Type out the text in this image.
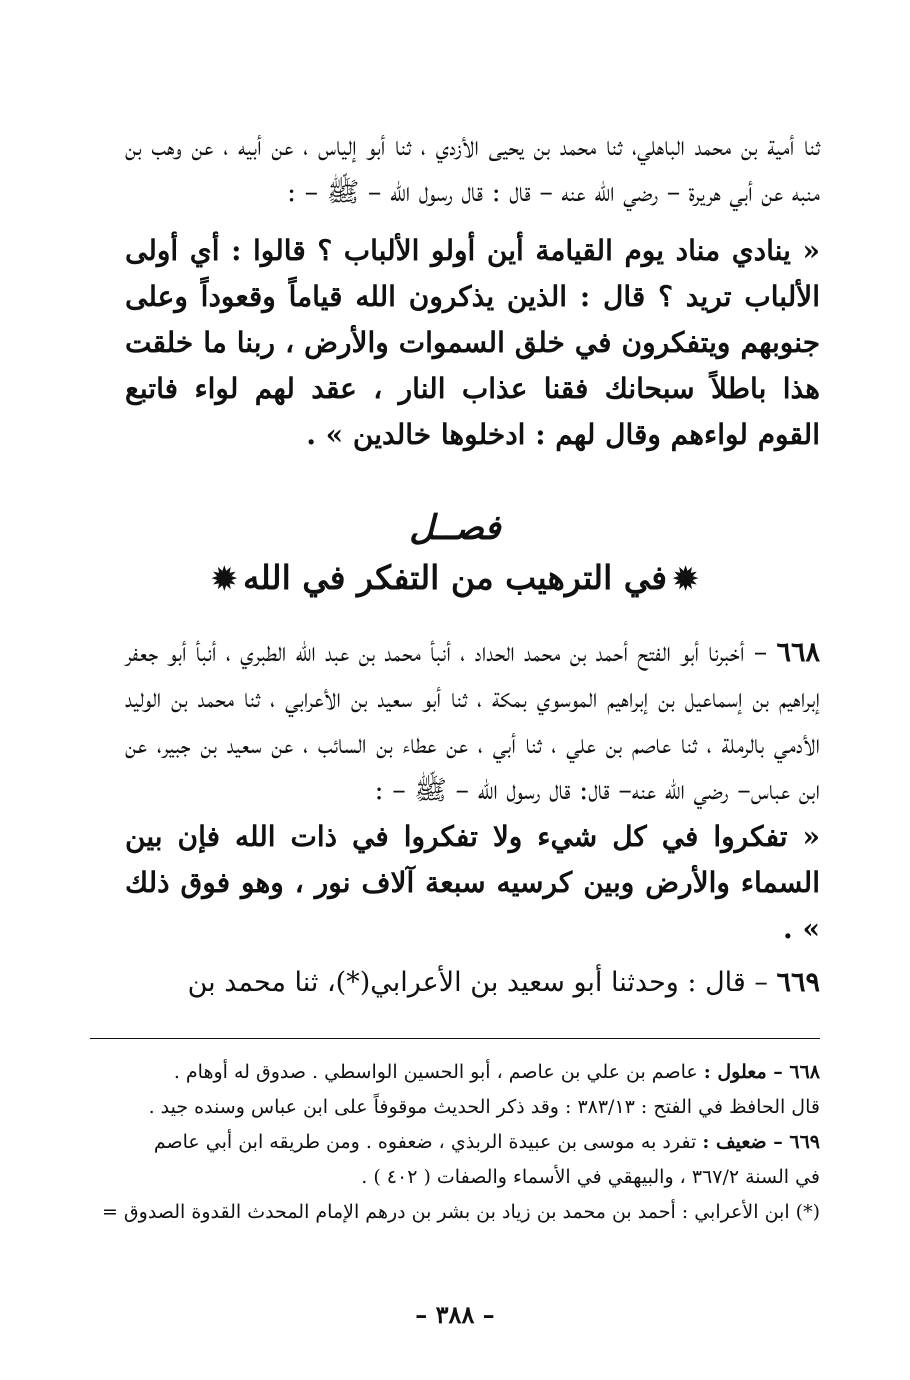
ثنا أمية بن محمد الباهلي، ثنا محمد بن يحيى الأزدي ، ثنا أبو إلياس ، عن أبيه ، عن وهب بن منبه عن أبي هريرة – رضي الله عنه – قال : قال رسول الله – ﷺ – :

« ينادي مناد يوم القيامة أين أولو الألباب ؟ قالوا : أي أولى الألباب تريد ؟ قال : الذين يذكرون الله قياماً وقعوداً وعلى جنوبهم ويتفكرون في خلق السموات والأرض ، ربنا ما خلقت هذا باطلاً سبحانك فقنا عذاب النار ، عقد لهم لواء فاتبع القوم لواءهم وقال لهم : ادخلوها خالدين » .

فصــل
✹في الترهيب من التفكر في الله✹

٦٦٨ – أخبرنا أبو الفتح أحمد بن محمد الحداد ، أنبأ محمد بن عبد الله الطبري ، أنبأ أبو جعفر إبراهيم بن إسماعيل بن إبراهيم الموسوي بمكة ، ثنا أبو سعيد بن الأعرابي ، ثنا محمد بن الوليد الأدمي بالرملة ، ثنا عاصم بن علي ، ثنا أبي ، عن عطاء بن السائب ، عن سعيد بن جبير، عن ابن عباس– رضي الله عنه– قال: قال رسول الله – ﷺ – :

« تفكروا في كل شيء ولا تفكروا في ذات الله فإن بين السماء والأرض وبين كرسيه سبعة آلاف نور ، وهو فوق ذلك » .

٦٦٩ – قال : وحدثنا أبو سعيد بن الأعرابي(*)، ثنا محمد بن

٦٦٨ – معلول : عاصم بن علي بن عاصم ، أبو الحسين الواسطي . صدوق له أوهام .

قال الحافظ في الفتح : ٣٨٣/١٣ : وقد ذكر الحديث موقوفاً على ابن عباس وسنده جيد .

٦٦٩ – ضعيف : تفرد به موسى بن عبيدة الربذي ، ضعفوه . ومن طريقه ابن أبي عاصم

في السنة ٣٦٧/٢ ، والبيهقي في الأسماء والصفات ( ٤٠٢ ) .

(*) ابن الأعرابي : أحمد بن محمد بن زياد بن بشر بن درهم الإمام المحدث القدوة الصدوق =

– ٣٨٨ –
